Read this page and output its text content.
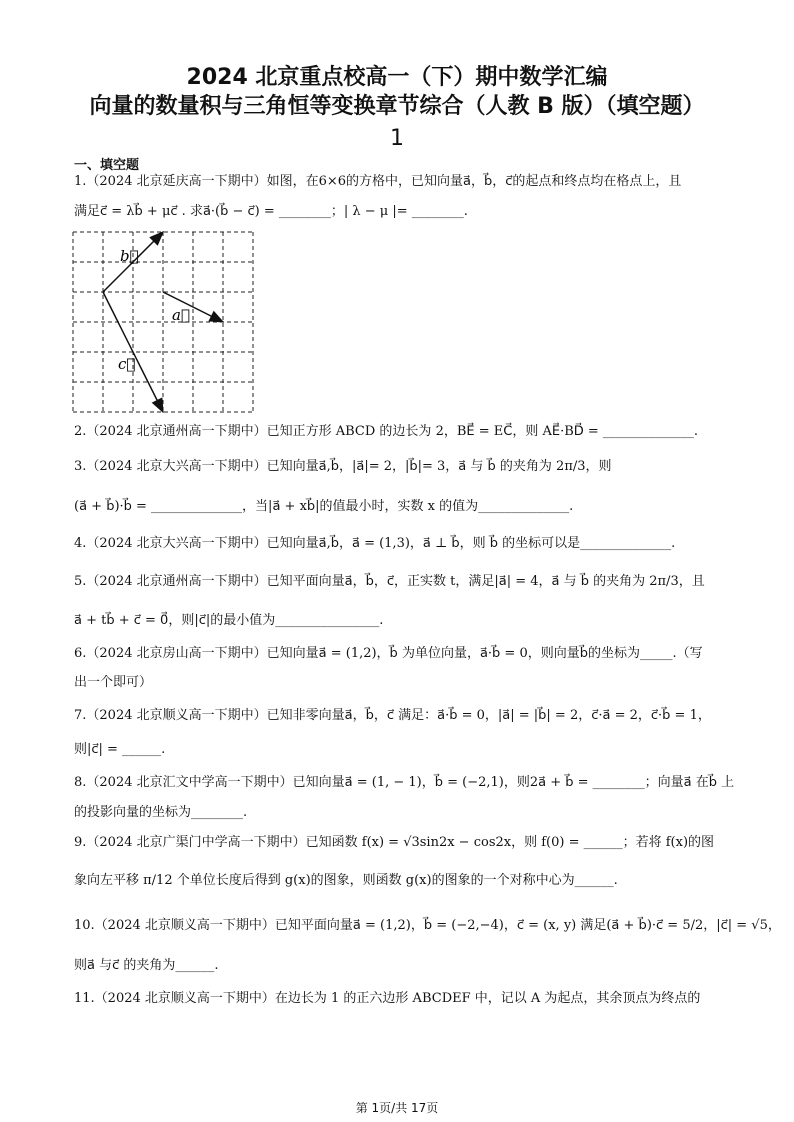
2024 北京重点校高一（下）期中数学汇编
向量的数量积与三角恒等变换章节综合（人教 B 版）（填空题）
1
一、填空题
1.（2024 北京延庆高一下期中）如图，在6×6的方格中，已知向量a⃗，b⃗，c⃗的起点和终点均在格点上，且
满足c⃗ = λb⃗ + μc⃗ . 求a⃗·(b⃗ − c⃗) = ________；| λ − μ |= ________.
b⃗
a⃗
c⃗
2.（2024 北京通州高一下期中）已知正方形 ABCD 的边长为 2，BE⃗ = EC⃗，则 AE⃗·BD⃗ = ______________.
3.（2024 北京大兴高一下期中）已知向量a⃗,b⃗，|a⃗|= 2，|b⃗|= 3，a⃗ 与 b⃗ 的夹角为 2π/3，则
(a⃗ + b⃗)·b⃗ = ______________，当|a⃗ + xb⃗|的值最小时，实数 x 的值为______________.
4.（2024 北京大兴高一下期中）已知向量a⃗,b⃗，a⃗ = (1,3)，a⃗ ⊥ b⃗，则 b⃗ 的坐标可以是______________.
5.（2024 北京通州高一下期中）已知平面向量a⃗，b⃗，c⃗，正实数 t，满足|a⃗| = 4，a⃗ 与 b⃗ 的夹角为 2π/3，且
a⃗ + tb⃗ + c⃗ = 0⃗，则|c⃗|的最小值为________________.
6.（2024 北京房山高一下期中）已知向量a⃗ = (1,2)，b⃗ 为单位向量，a⃗·b⃗ = 0，则向量b⃗的坐标为_____.（写
出一个即可）
7.（2024 北京顺义高一下期中）已知非零向量a⃗，b⃗，c⃗ 满足：a⃗·b⃗ = 0，|a⃗| = |b⃗| = 2，c⃗·a⃗ = 2，c⃗·b⃗ = 1，
则|c⃗| = ______.
8.（2024 北京汇文中学高一下期中）已知向量a⃗ = (1, − 1)，b⃗ = (−2,1)，则2a⃗ + b⃗ = ________；向量a⃗ 在b⃗ 上
的投影向量的坐标为________.
9.（2024 北京广渠门中学高一下期中）已知函数 f(x) = √3sin2x − cos2x，则 f(0) = ______；若将 f(x)的图
象向左平移 π/12 个单位长度后得到 g(x)的图象，则函数 g(x)的图象的一个对称中心为______.
10.（2024 北京顺义高一下期中）已知平面向量a⃗ = (1,2)，b⃗ = (−2,−4)，c⃗ = (x, y) 满足(a⃗ + b⃗)·c⃗ = 5/2，|c⃗| = √5，
则a⃗ 与c⃗ 的夹角为______.
11.（2024 北京顺义高一下期中）在边长为 1 的正六边形 ABCDEF 中，记以 A 为起点，其余顶点为终点的
第 1页/共 17页
